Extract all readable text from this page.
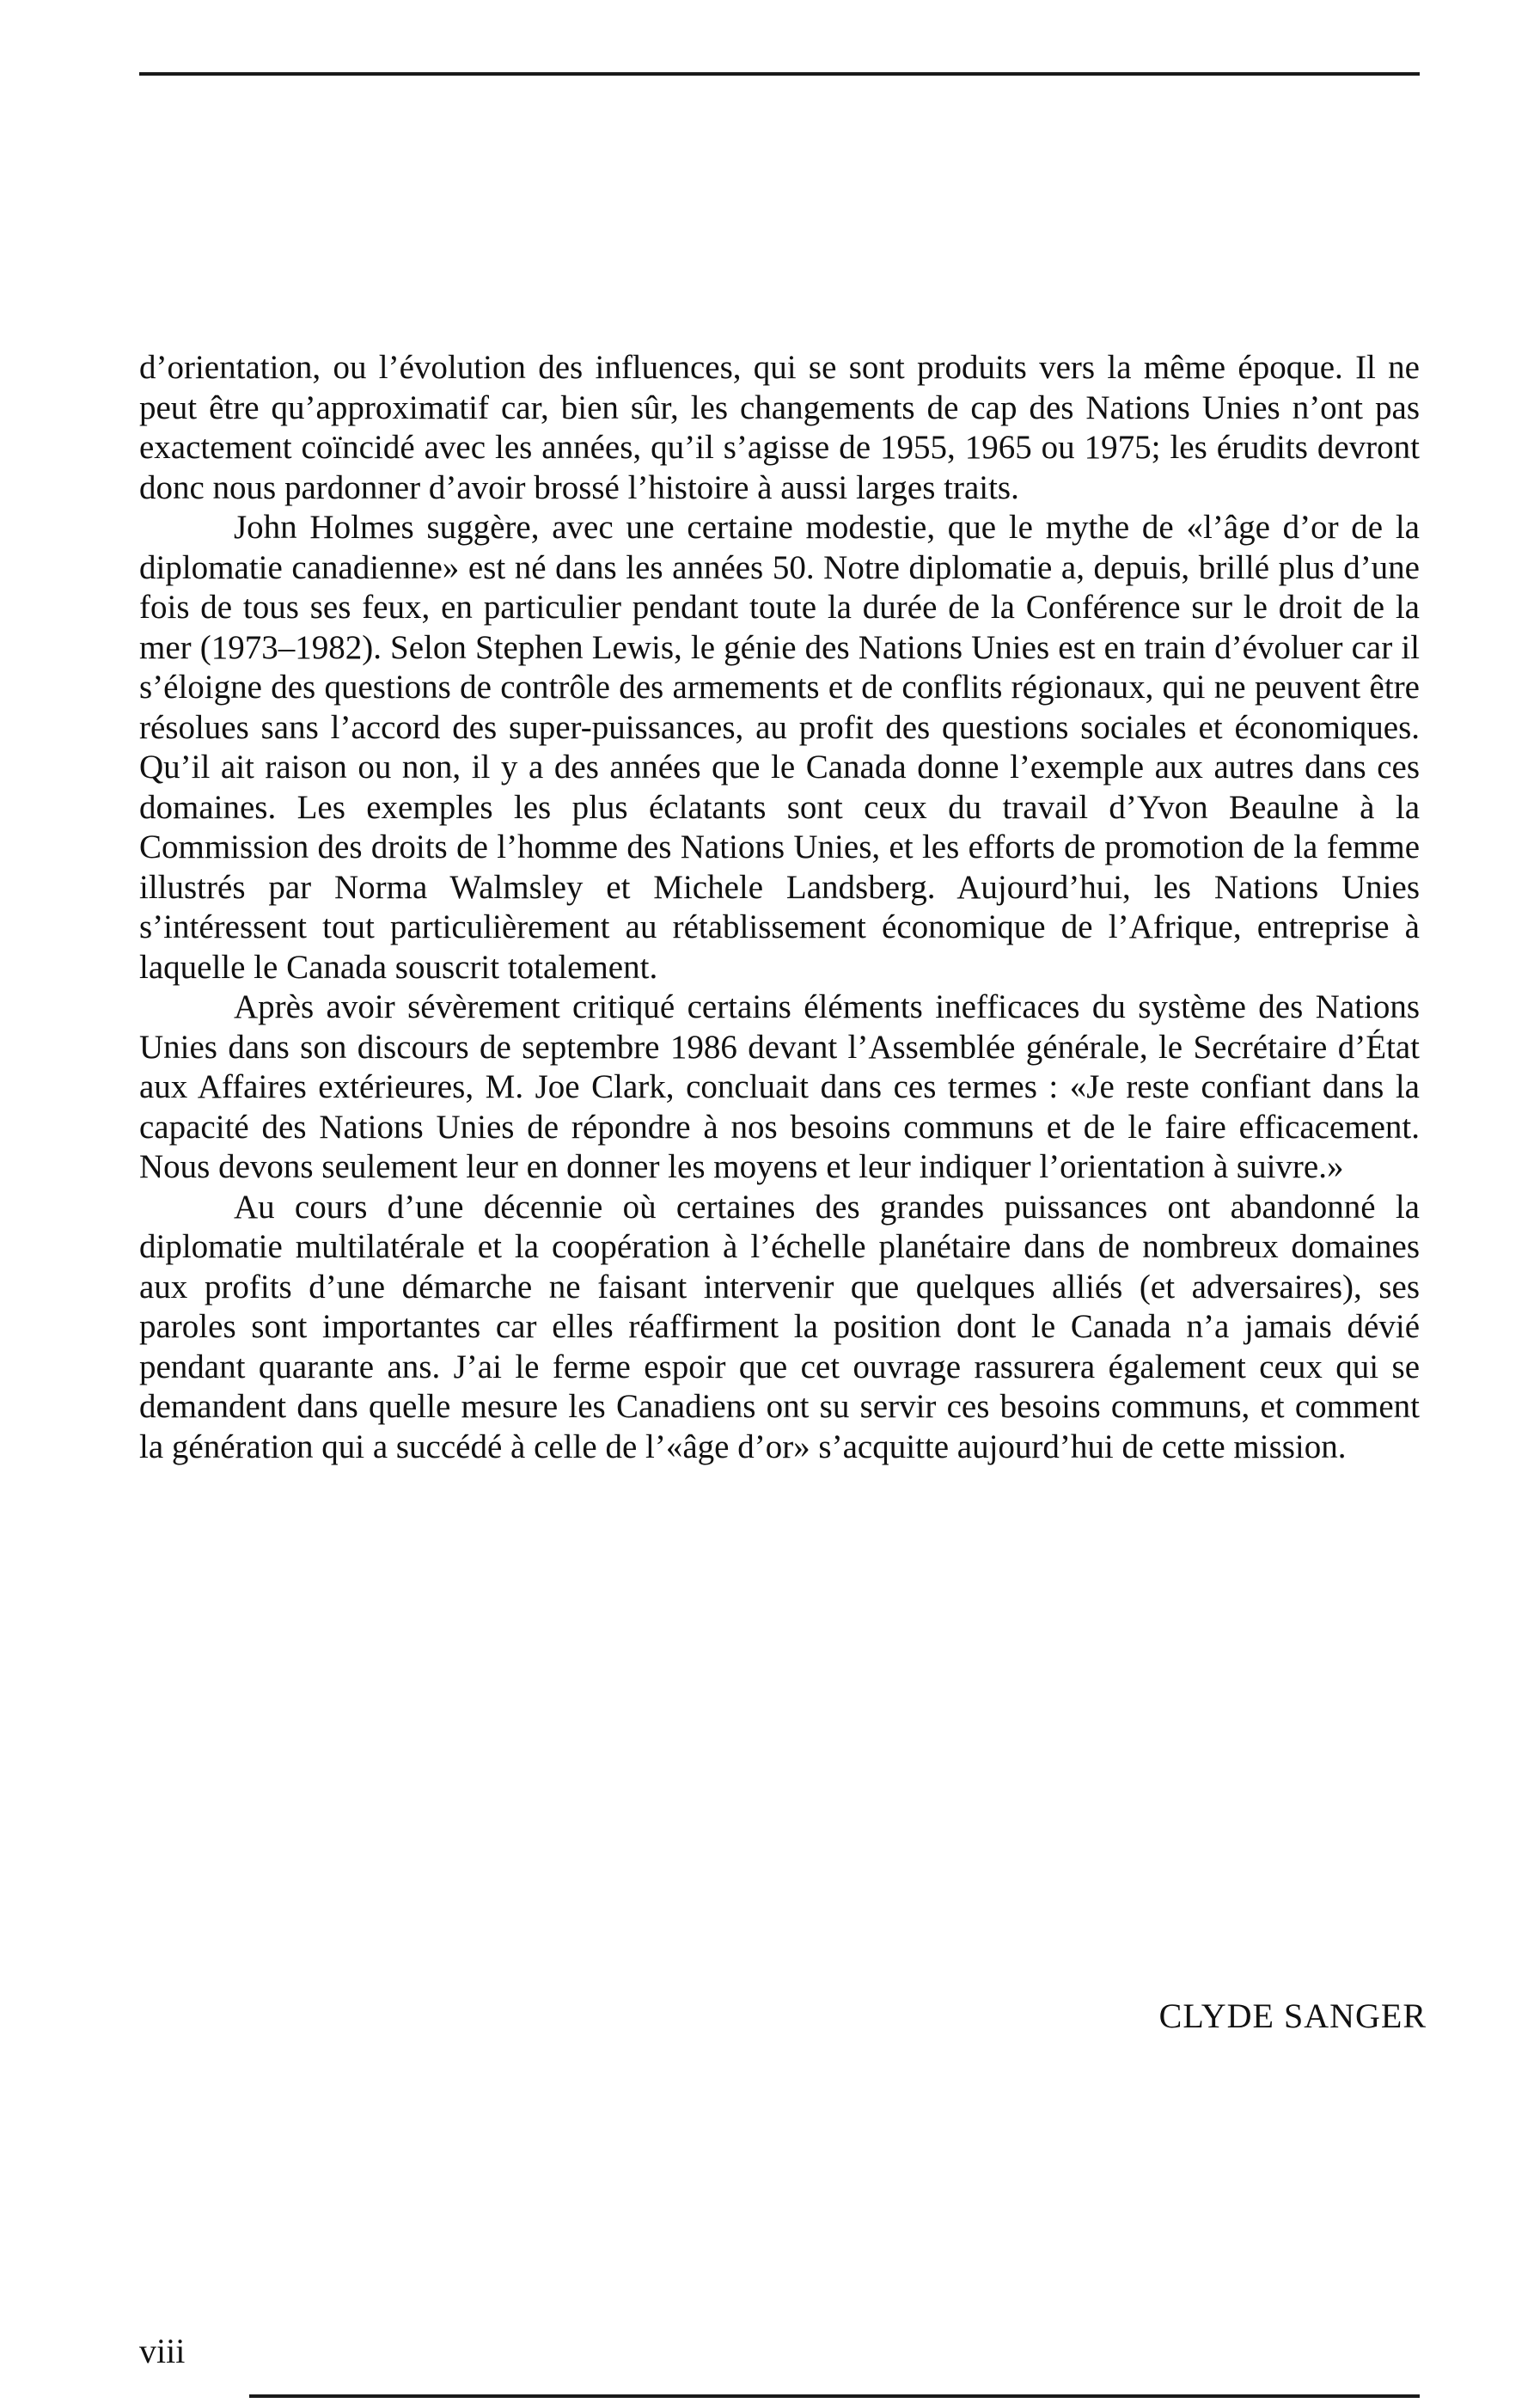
d’orientation, ou l’évolution des influences, qui se sont produits vers la même époque. Il ne peut être qu’approximatif car, bien sûr, les changements de cap des Nations Unies n’ont pas exactement coïncidé avec les années, qu’il s’agisse de 1955, 1965 ou 1975; les érudits devront donc nous pardonner d’avoir brossé l’histoire à aussi larges traits.

John Holmes suggère, avec une certaine modestie, que le mythe de «l’âge d’or de la diplomatie canadienne» est né dans les années 50. Notre diplomatie a, depuis, brillé plus d’une fois de tous ses feux, en particulier pendant toute la durée de la Conférence sur le droit de la mer (1973–1982). Selon Stephen Lewis, le génie des Nations Unies est en train d’évoluer car il s’éloigne des questions de contrôle des armements et de conflits régionaux, qui ne peuvent être résolues sans l’accord des super-puissances, au profit des questions sociales et économiques. Qu’il ait raison ou non, il y a des années que le Canada donne l’exemple aux autres dans ces domaines. Les exemples les plus éclatants sont ceux du travail d’Yvon Beaulne à la Commission des droits de l’homme des Nations Unies, et les efforts de promotion de la femme illustrés par Norma Walmsley et Michele Landsberg. Aujourd’hui, les Nations Unies s’intéressent tout particulièrement au rétablissement économique de l’Afrique, entreprise à laquelle le Canada souscrit totalement.

Après avoir sévèrement critiqué certains éléments inefficaces du système des Nations Unies dans son discours de septembre 1986 devant l’Assemblée générale, le Secrétaire d’État aux Affaires extérieures, M. Joe Clark, concluait dans ces termes : «Je reste confiant dans la capacité des Nations Unies de répondre à nos besoins communs et de le faire efficacement. Nous devons seulement leur en donner les moyens et leur indiquer l’orientation à suivre.»

Au cours d’une décennie où certaines des grandes puissances ont abandonné la diplomatie multilatérale et la coopération à l’échelle planétaire dans de nombreux domaines aux profits d’une démarche ne faisant intervenir que quelques alliés (et adversaires), ses paroles sont importantes car elles réaffirment la position dont le Canada n’a jamais dévié pendant quarante ans. J’ai le ferme espoir que cet ouvrage rassurera également ceux qui se demandent dans quelle mesure les Canadiens ont su servir ces besoins communs, et comment la génération qui a succédé à celle de l’«âge d’or» s’acquitte aujourd’hui de cette mission.

CLYDE SANGER
viii
